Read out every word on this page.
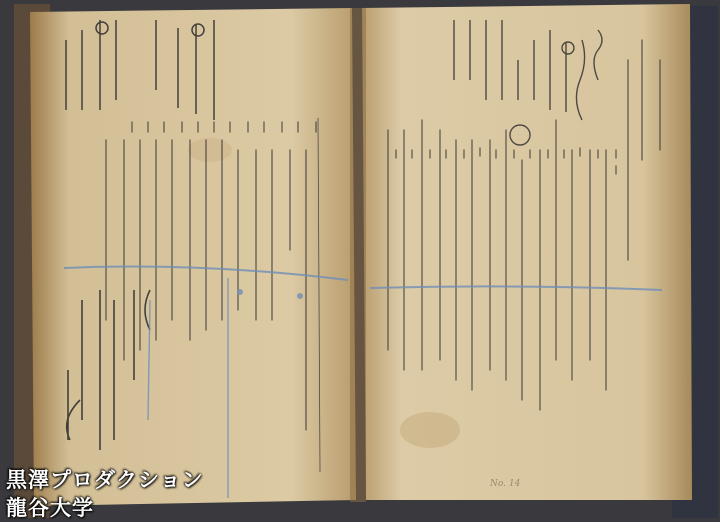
黒澤プロダクション
龍谷大学
No. 14
